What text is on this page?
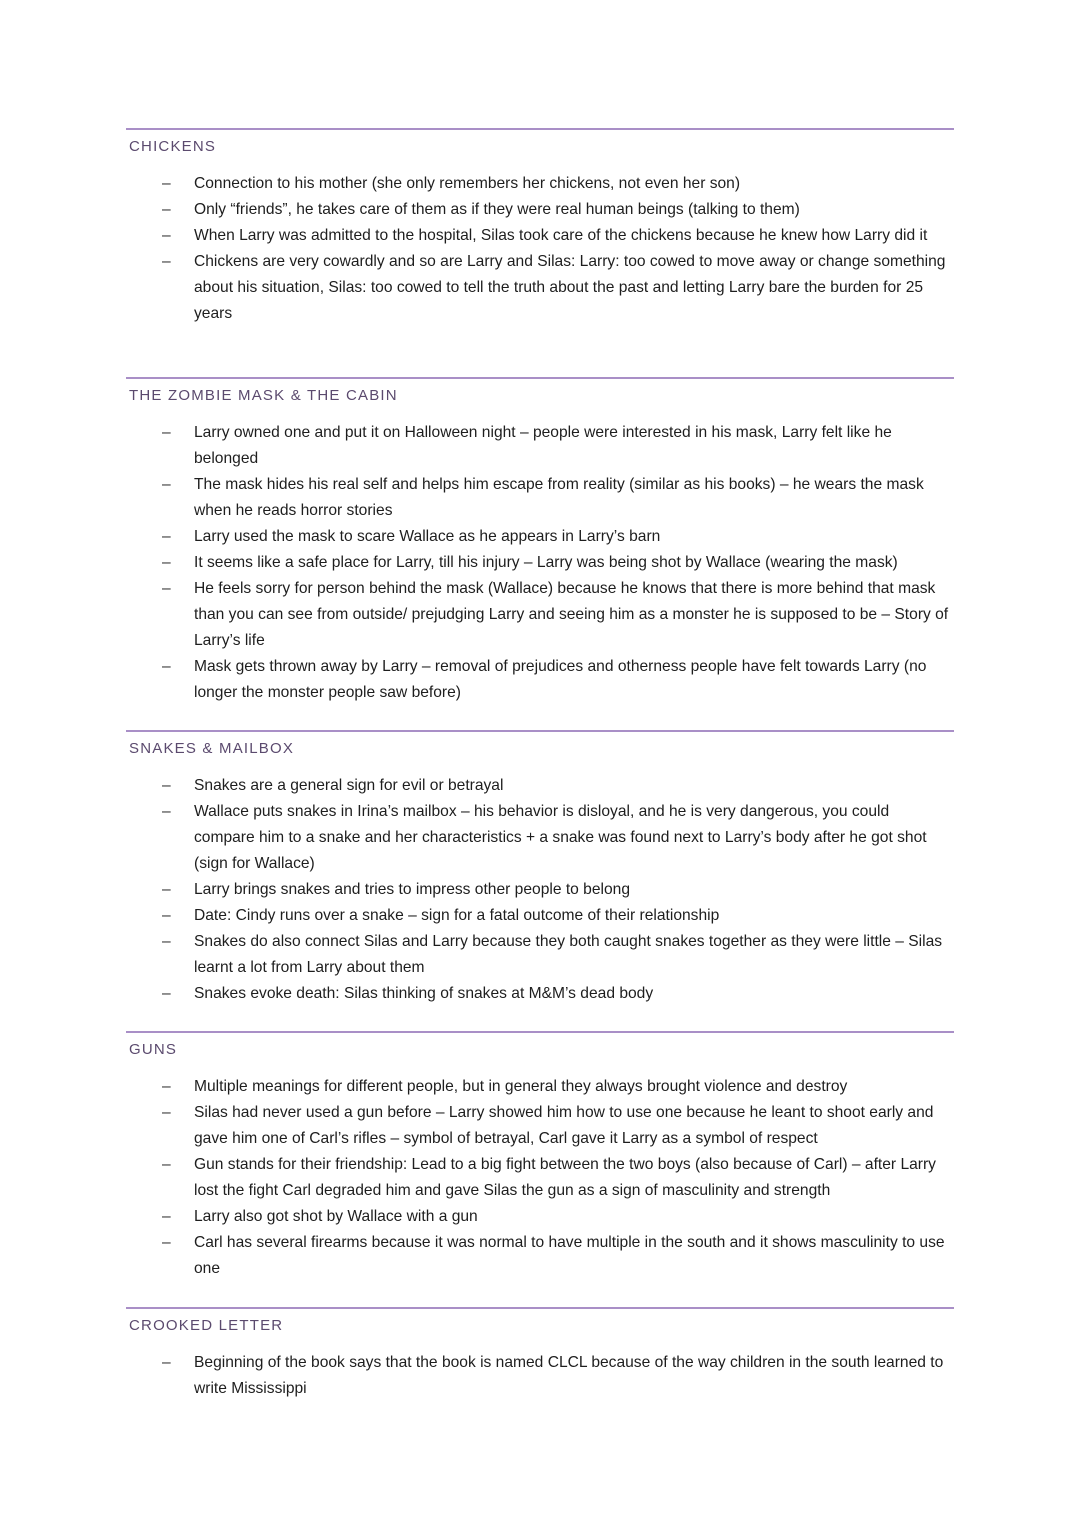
CHICKENS
– Connection to his mother (she only remembers her chickens, not even her son)
– Only “friends”, he takes care of them as if they were real human beings (talking to them)
– When Larry was admitted to the hospital, Silas took care of the chickens because he knew how Larry did it
– Chickens are very cowardly and so are Larry and Silas: Larry: too cowed to move away or change something about his situation, Silas: too cowed to tell the truth about the past and letting Larry bare the burden for 25 years
THE ZOMBIE MASK & THE CABIN
– Larry owned one and put it on Halloween night – people were interested in his mask, Larry felt like he belonged
– The mask hides his real self and helps him escape from reality (similar as his books) – he wears the mask when he reads horror stories
– Larry used the mask to scare Wallace as he appears in Larry’s barn
– It seems like a safe place for Larry, till his injury – Larry was being shot by Wallace (wearing the mask)
– He feels sorry for person behind the mask (Wallace) because he knows that there is more behind that mask than you can see from outside/ prejudging Larry and seeing him as a monster he is supposed to be – Story of Larry’s life
– Mask gets thrown away by Larry – removal of prejudices and otherness people have felt towards Larry (no longer the monster people saw before)
SNAKES & MAILBOX
– Snakes are a general sign for evil or betrayal
– Wallace puts snakes in Irina’s mailbox – his behavior is disloyal, and he is very dangerous, you could compare him to a snake and her characteristics + a snake was found next to Larry’s body after he got shot (sign for Wallace)
– Larry brings snakes and tries to impress other people to belong
– Date: Cindy runs over a snake – sign for a fatal outcome of their relationship
– Snakes do also connect Silas and Larry because they both caught snakes together as they were little – Silas learnt a lot from Larry about them
– Snakes evoke death: Silas thinking of snakes at M&M’s dead body
GUNS
– Multiple meanings for different people, but in general they always brought violence and destroy
– Silas had never used a gun before – Larry showed him how to use one because he leant to shoot early and gave him one of Carl’s rifles – symbol of betrayal, Carl gave it Larry as a symbol of respect
– Gun stands for their friendship: Lead to a big fight between the two boys (also because of Carl) – after Larry lost the fight Carl degraded him and gave Silas the gun as a sign of masculinity and strength
– Larry also got shot by Wallace with a gun
– Carl has several firearms because it was normal to have multiple in the south and it shows masculinity to use one
CROOKED LETTER
– Beginning of the book says that the book is named CLCL because of the way children in the south learned to write Mississippi
